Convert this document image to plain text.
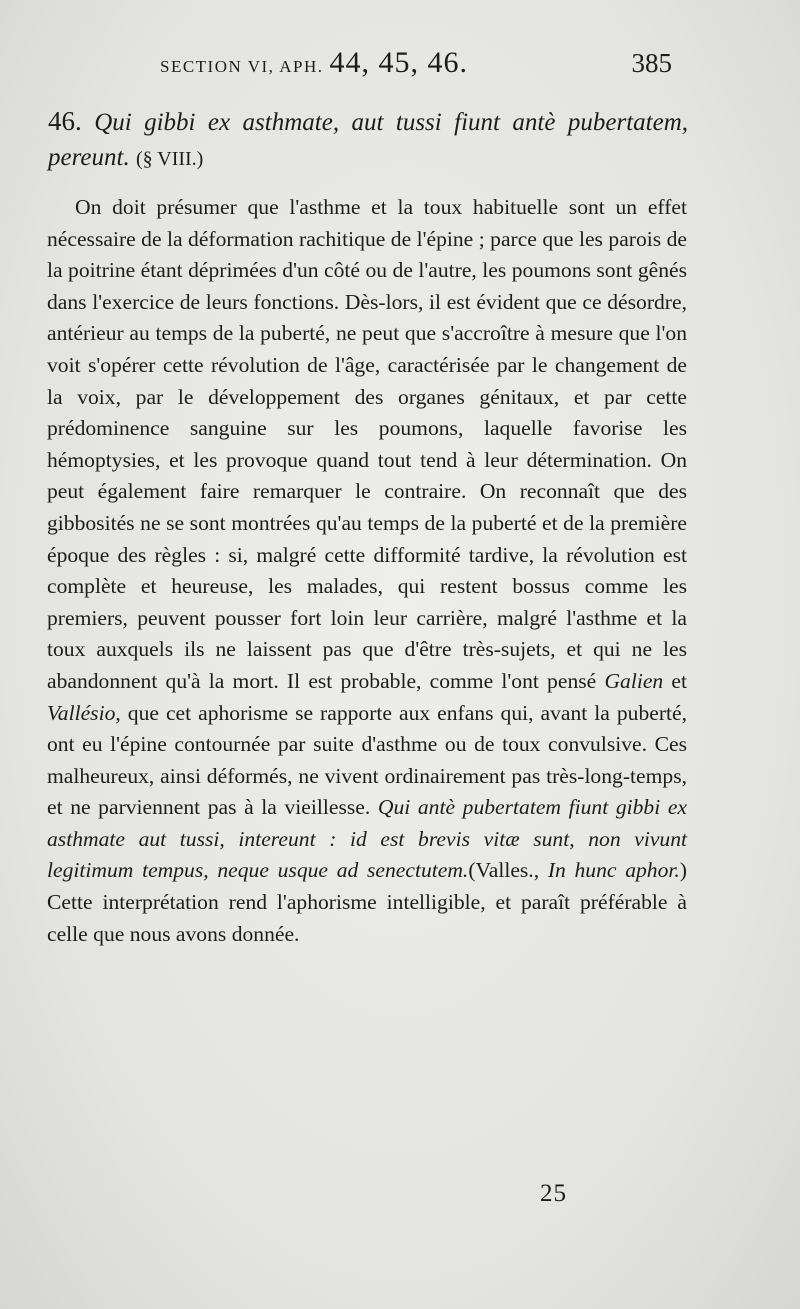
SECTION VI, APH. 44, 45, 46.	385
46. Qui gibbi ex asthmate, aut tussi fiunt antè pubertatem, pereunt. (§ VIII.)

On doit présumer que l'asthme et la toux habituelle sont un effet nécessaire de la déformation rachitique de l'épine ; parce que les parois de la poitrine étant déprimées d'un côté ou de l'autre, les poumons sont gênés dans l'exercice de leurs fonctions. Dès-lors, il est évident que ce désordre, antérieur au temps de la puberté, ne peut que s'accroître à mesure que l'on voit s'opérer cette révolution de l'âge, caractérisée par le changement de la voix, par le développement des organes génitaux, et par cette prédominence sanguine sur les poumons, laquelle favorise les hémoptysies, et les provoque quand tout tend à leur détermination. On peut également faire remarquer le contraire. On reconnaît que des gibbosités ne se sont montrées qu'au temps de la puberté et de la première époque des règles : si, malgré cette difformité tardive, la révolution est complète et heureuse, les malades, qui restent bossus comme les premiers, peuvent pousser fort loin leur carrière, malgré l'asthme et la toux auxquels ils ne laissent pas que d'être très-sujets, et qui ne les abandonnent qu'à la mort. Il est probable, comme l'ont pensé Galien et Vallésio, que cet aphorisme se rapporte aux enfans qui, avant la puberté, ont eu l'épine contournée par suite d'asthme ou de toux convulsive. Ces malheureux, ainsi déformés, ne vivent ordinairement pas très-long-temps, et ne parviennent pas à la vieillesse. Qui antè pubertatem fiunt gibbi ex asthmate aut tussi, intereunt : id est brevis vitæ sunt, non vivunt legitimum tempus, neque usque ad senectutem.(Valles., In hunc aphor.) Cette interprétation rend l'aphorisme intelligible, et paraît préférable à celle que nous avons donnée.

25
